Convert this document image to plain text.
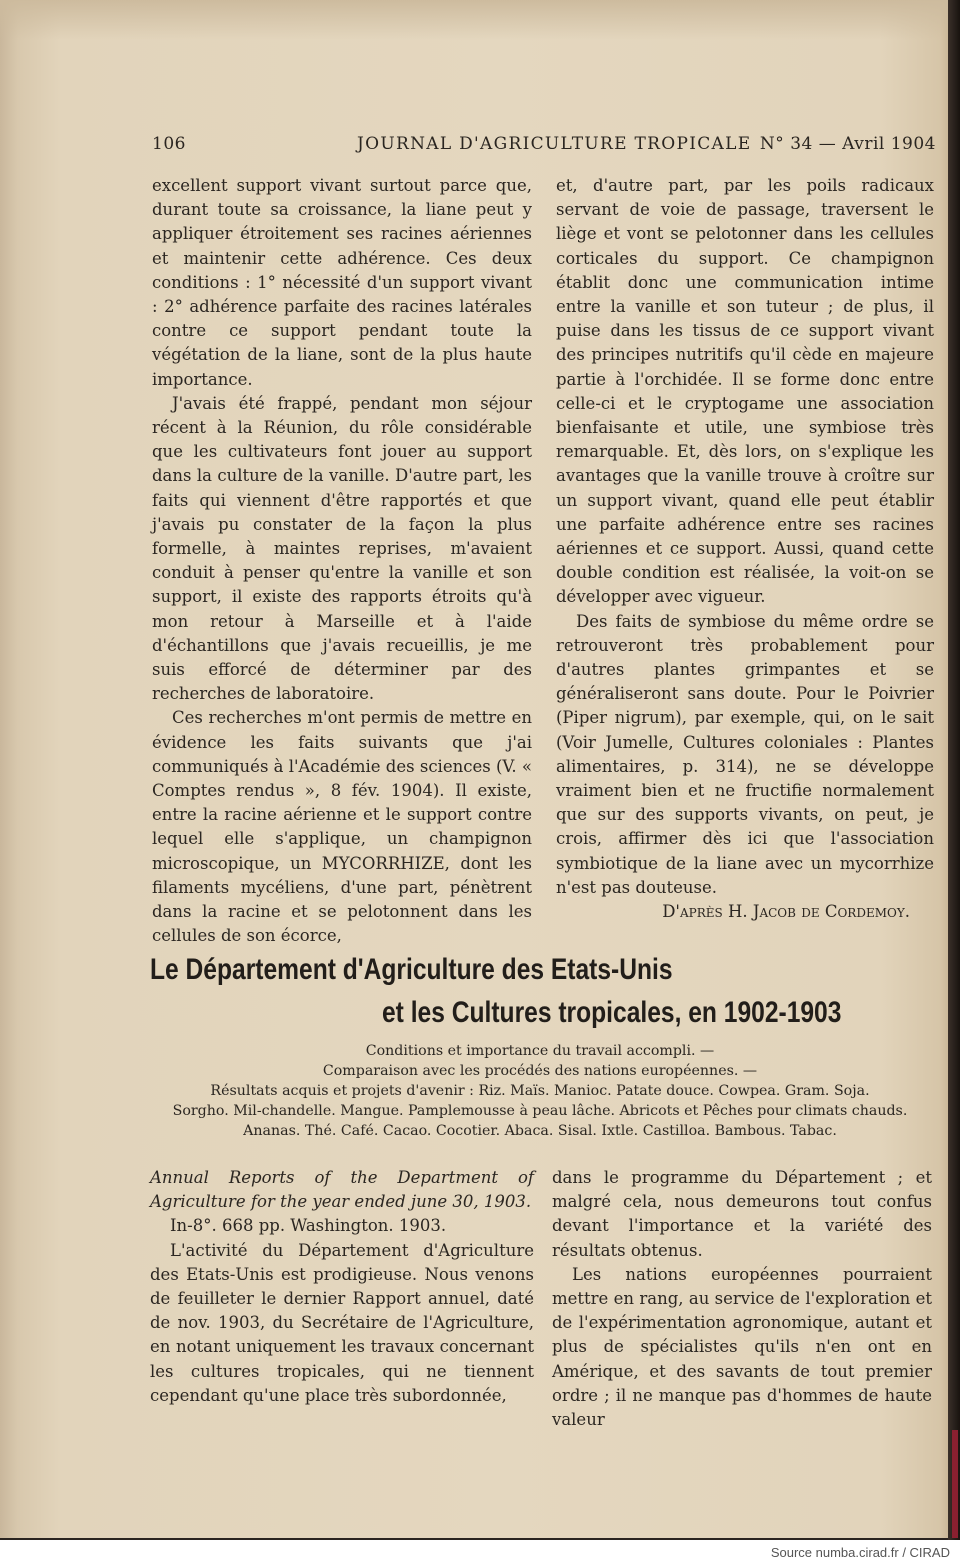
106	JOURNAL D'AGRICULTURE TROPICALE N° 34 — Avril 1904

excellent support vivant surtout parce que, durant toute sa croissance, la liane peut y appliquer étroitement ses racines aériennes et maintenir cette adhérence. Ces deux conditions : 1° nécessité d'un support vivant : 2° adhérence parfaite des racines latérales contre ce support pendant toute la végétation de la liane, sont de la plus haute importance.

J'avais été frappé, pendant mon séjour récent à la Réunion, du rôle considérable que les cultivateurs font jouer au support dans la culture de la vanille. D'autre part, les faits qui viennent d'être rapportés et que j'avais pu constater de la façon la plus formelle, à maintes reprises, m'avaient conduit à penser qu'entre la vanille et son support, il existe des rapports étroits qu'à mon retour à Marseille et à l'aide d'échantillons que j'avais recueillis, je me suis efforcé de déterminer par des recherches de laboratoire.

Ces recherches m'ont permis de mettre en évidence les faits suivants que j'ai communiqués à l'Académie des sciences (V. « Comptes rendus », 8 fév. 1904). Il existe, entre la racine aérienne et le support contre lequel elle s'applique, un champignon microscopique, un MYCORRHIZE, dont les filaments mycéliens, d'une part, pénètrent dans la racine et se pelotonnent dans les cellules de son écorce,

et, d'autre part, par les poils radicaux servant de voie de passage, traversent le liège et vont se pelotonner dans les cellules corticales du support. Ce champignon établit donc une communication intime entre la vanille et son tuteur ; de plus, il puise dans les tissus de ce support vivant des principes nutritifs qu'il cède en majeure partie à l'orchidée. Il se forme donc entre celle-ci et le cryptogame une association bienfaisante et utile, une symbiose très remarquable. Et, dès lors, on s'explique les avantages que la vanille trouve à croître sur un support vivant, quand elle peut établir une parfaite adhérence entre ses racines aériennes et ce support. Aussi, quand cette double condition est réalisée, la voit-on se développer avec vigueur.

Des faits de symbiose du même ordre se retrouveront très probablement pour d'autres plantes grimpantes et se généraliseront sans doute. Pour le Poivrier (Piper nigrum), par exemple, qui, on le sait (Voir Jumelle, Cultures coloniales : Plantes alimentaires, p. 314), ne se développe vraiment bien et ne fructifie normalement que sur des supports vivants, on peut, je crois, affirmer dès ici que l'association symbiotique de la liane avec un mycorrhize n'est pas douteuse.

D'après H. Jacob de Cordemoy.

Le Département d'Agriculture des Etats-Unis
et les Cultures tropicales, en 1902-1903
Conditions et importance du travail accompli. —
Comparaison avec les procédés des nations européennes. —
Résultats acquis et projets d'avenir : Riz. Maïs. Manioc. Patate douce. Cowpea. Gram. Soja.
Sorgho. Mil-chandelle. Mangue. Pamplemousse à peau lâche. Abricots et Pêches pour climats chauds.
Ananas. Thé. Café. Cacao. Cocotier. Abaca. Sisal. Ixtle. Castilloa. Bambous. Tabac.

Annual Reports of the Department of Agriculture for the year ended june 30, 1903.

In-8°. 668 pp. Washington. 1903.

L'activité du Département d'Agriculture des Etats-Unis est prodigieuse. Nous venons de feuilleter le dernier Rapport annuel, daté de nov. 1903, du Secrétaire de l'Agriculture, en notant uniquement les travaux concernant les cultures tropicales, qui ne tiennent cependant qu'une place très subordonnée,

dans le programme du Département ; et malgré cela, nous demeurons tout confus devant l'importance et la variété des résultats obtenus.

Les nations européennes pourraient mettre en rang, au service de l'exploration et de l'expérimentation agronomique, autant et plus de spécialistes qu'ils n'en ont en Amérique, et des savants de tout premier ordre ; il ne manque pas d'hommes de haute valeur

Source numba.cirad.fr / CIRAD
